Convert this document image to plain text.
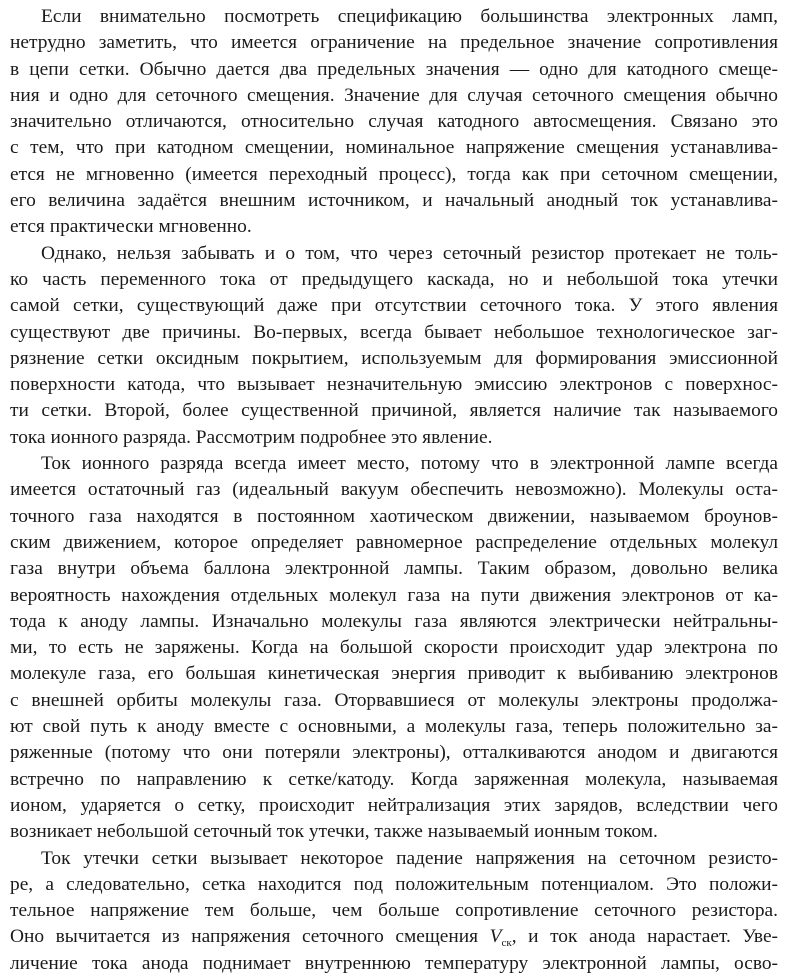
Если внимательно посмотреть спецификацию большинства электронных ламп,
нетрудно заметить, что имеется ограничение на предельное значение сопротивления
в цепи сетки. Обычно дается два предельных значения — одно для катодного смеще-
ния и одно для сеточного смещения. Значение для случая сеточного смещения обычно
значительно отличаются, относительно случая катодного автосмещения. Связано это
с тем, что при катодном смещении, номинальное напряжение смещения устанавлива-
ется не мгновенно (имеется переходный процесс), тогда как при сеточном смещении,
его величина задаётся внешним источником, и начальный анодный ток устанавлива-
ется практически мгновенно.
Однако, нельзя забывать и о том, что через сеточный резистор протекает не толь-
ко часть переменного тока от предыдущего каскада, но и небольшой тока утечки
самой сетки, существующий даже при отсутствии сеточного тока. У этого явления
существуют две причины. Во-первых, всегда бывает небольшое технологическое заг-
рязнение сетки оксидным покрытием, используемым для формирования эмиссионной
поверхности катода, что вызывает незначительную эмиссию электронов с поверхнос-
ти сетки. Второй, более существенной причиной, является наличие так называемого
тока ионного разряда. Рассмотрим подробнее это явление.
Ток ионного разряда всегда имеет место, потому что в электронной лампе всегда
имеется остаточный газ (идеальный вакуум обеспечить невозможно). Молекулы оста-
точного газа находятся в постоянном хаотическом движении, называемом броунов-
ским движением, которое определяет равномерное распределение отдельных молекул
газа внутри объема баллона электронной лампы. Таким образом, довольно велика
вероятность нахождения отдельных молекул газа на пути движения электронов от ка-
тода к аноду лампы. Изначально молекулы газа являются электрически нейтральны-
ми, то есть не заряжены. Когда на большой скорости происходит удар электрона по
молекуле газа, его большая кинетическая энергия приводит к выбиванию электронов
с внешней орбиты молекулы газа. Оторвавшиеся от молекулы электроны продолжа-
ют свой путь к аноду вместе с основными, а молекулы газа, теперь положительно за-
ряженные (потому что они потеряли электроны), отталкиваются анодом и двигаются
встречно по направлению к сетке/катоду. Когда заряженная молекула, называемая
ионом, ударяется о сетку, происходит нейтрализация этих зарядов, вследствии чего
возникает небольшой сеточный ток утечки, также называемый ионным током.
Ток утечки сетки вызывает некоторое падение напряжения на сеточном резисто-
ре, а следовательно, сетка находится под положительным потенциалом. Это положи-
тельное напряжение тем больше, чем больше сопротивление сеточного резистора.
Оно вычитается из напряжения сеточного смещения $V_{ск}$, и ток анода нарастает. Уве-
личение тока анода поднимает внутреннюю температуру электронной лампы, осво-
